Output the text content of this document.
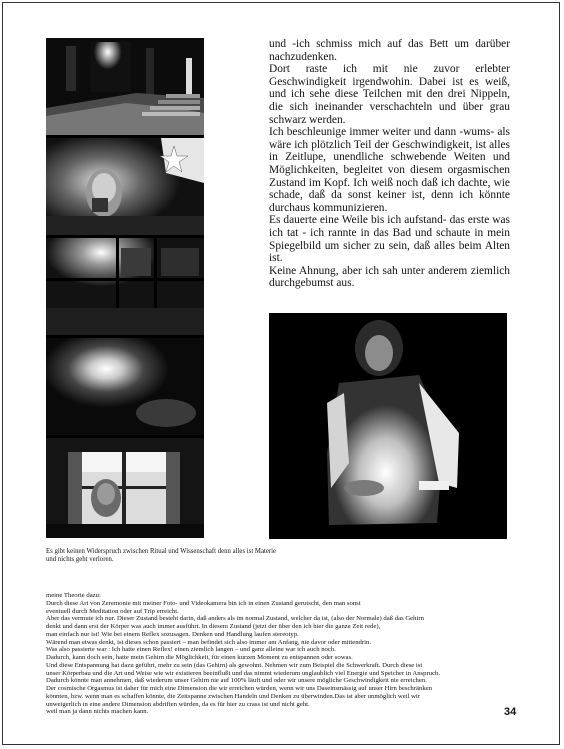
und -ich schmiss mich auf das Bett um darüber nachzudenken.

Dort raste ich mit nie zuvor erlebter Geschwindigkeit irgendwohin. Dabei ist es weiß, und ich sehe diese Teilchen mit den drei Nippeln, die sich ineinander verschachteln und über grau schwarz werden.

Ich beschleunige immer weiter und dann -wums- als wäre ich plötzlich Teil der Geschwindigkeit, ist alles in Zeitlupe, unendliche schwebende Weiten und Möglichkeiten, begleitet von diesem orgasmischen Zustand im Kopf. Ich weiß noch daß ich dachte, wie schade, daß da sonst keiner ist, denn ich könnte durchaus kommunizieren.

Es dauerte eine Weile bis ich aufstand- das erste was ich tat - ich rannte in das Bad und schaute in mein Spiegelbild um sicher zu sein, daß alles beim Alten ist.

Keine Ahnung, aber ich sah unter anderem ziemlich durchgebumst aus.

Es gibt keinen Widerspruch zwischen Ritual und Wissenschaft denn alles ist Materie und nichts geht verloren.

meine Theorie dazu:

Durch diese Art von Zeremonie mit meiner Foto- und Videokamera bin ich in einen Zustand gerutscht, den man sonst

eventuell durch Meditation oder auf Trip erreicht.

Aber das vermute ich nur. Dieser Zustand besteht darin, daß anders als im normal Zustand, welcher da ist, (also der Normale) daß das Gehirn

denkt und dann erst der Körper was auch immer ausführt. In diesem Zustand (jetzt der über den ich hier die ganze Zeit rede),

man einfach nur ist! Wie bei einem Reflex sozusagen. Denken und Handlung laufen stereotyp.

Wärend man etwas denkt, ist dieses schon passiert – man befindet sich also immer am Anfang, nie davor oder mittendrin.

Was also passierte war : Ich hatte einen Reflex! einen ziemlich langen – und ganz alleine war ich auch noch.

Dadurch, kann doch sein, hatte mein Gehirn die Möglichkeit, für einen kurzen Moment zu entspannen oder sowas.

Und diese Entspannung hat dazu geführt, mehr zu sein (das Gehirn) als gewohnt. Nehmen wir zum Beispiel die Schwerkraft. Durch diese ist

unser Körperbau und die Art und Weise wie wir existieren beeinflußt und das nimmt wiederum unglaublich viel Energie und Speicher in Anspruch.

Dadurch könnte man annehmen, daß wiederum unser Gehirn nie auf 100% läuft und oder wir unsere mögliche Geschwindigkeit nie erreichen.

Der cosmische Orgasmus ist daher für mich eine Dimension die wir erreichen würden, wenn wir uns Daseinsmässig auf unser Hirn beschränken

könnten, bzw. wenn man es schaffen könnte, die Zeitspanne zwischen Handeln und Denken zu überwinden.Das ist aber unmöglich weil wir

unweigerlich in eine andere Dimension abdriften würden, da es für hier zu crass ist und nicht geht.

weil man ja dann nichts machen kann.	34
